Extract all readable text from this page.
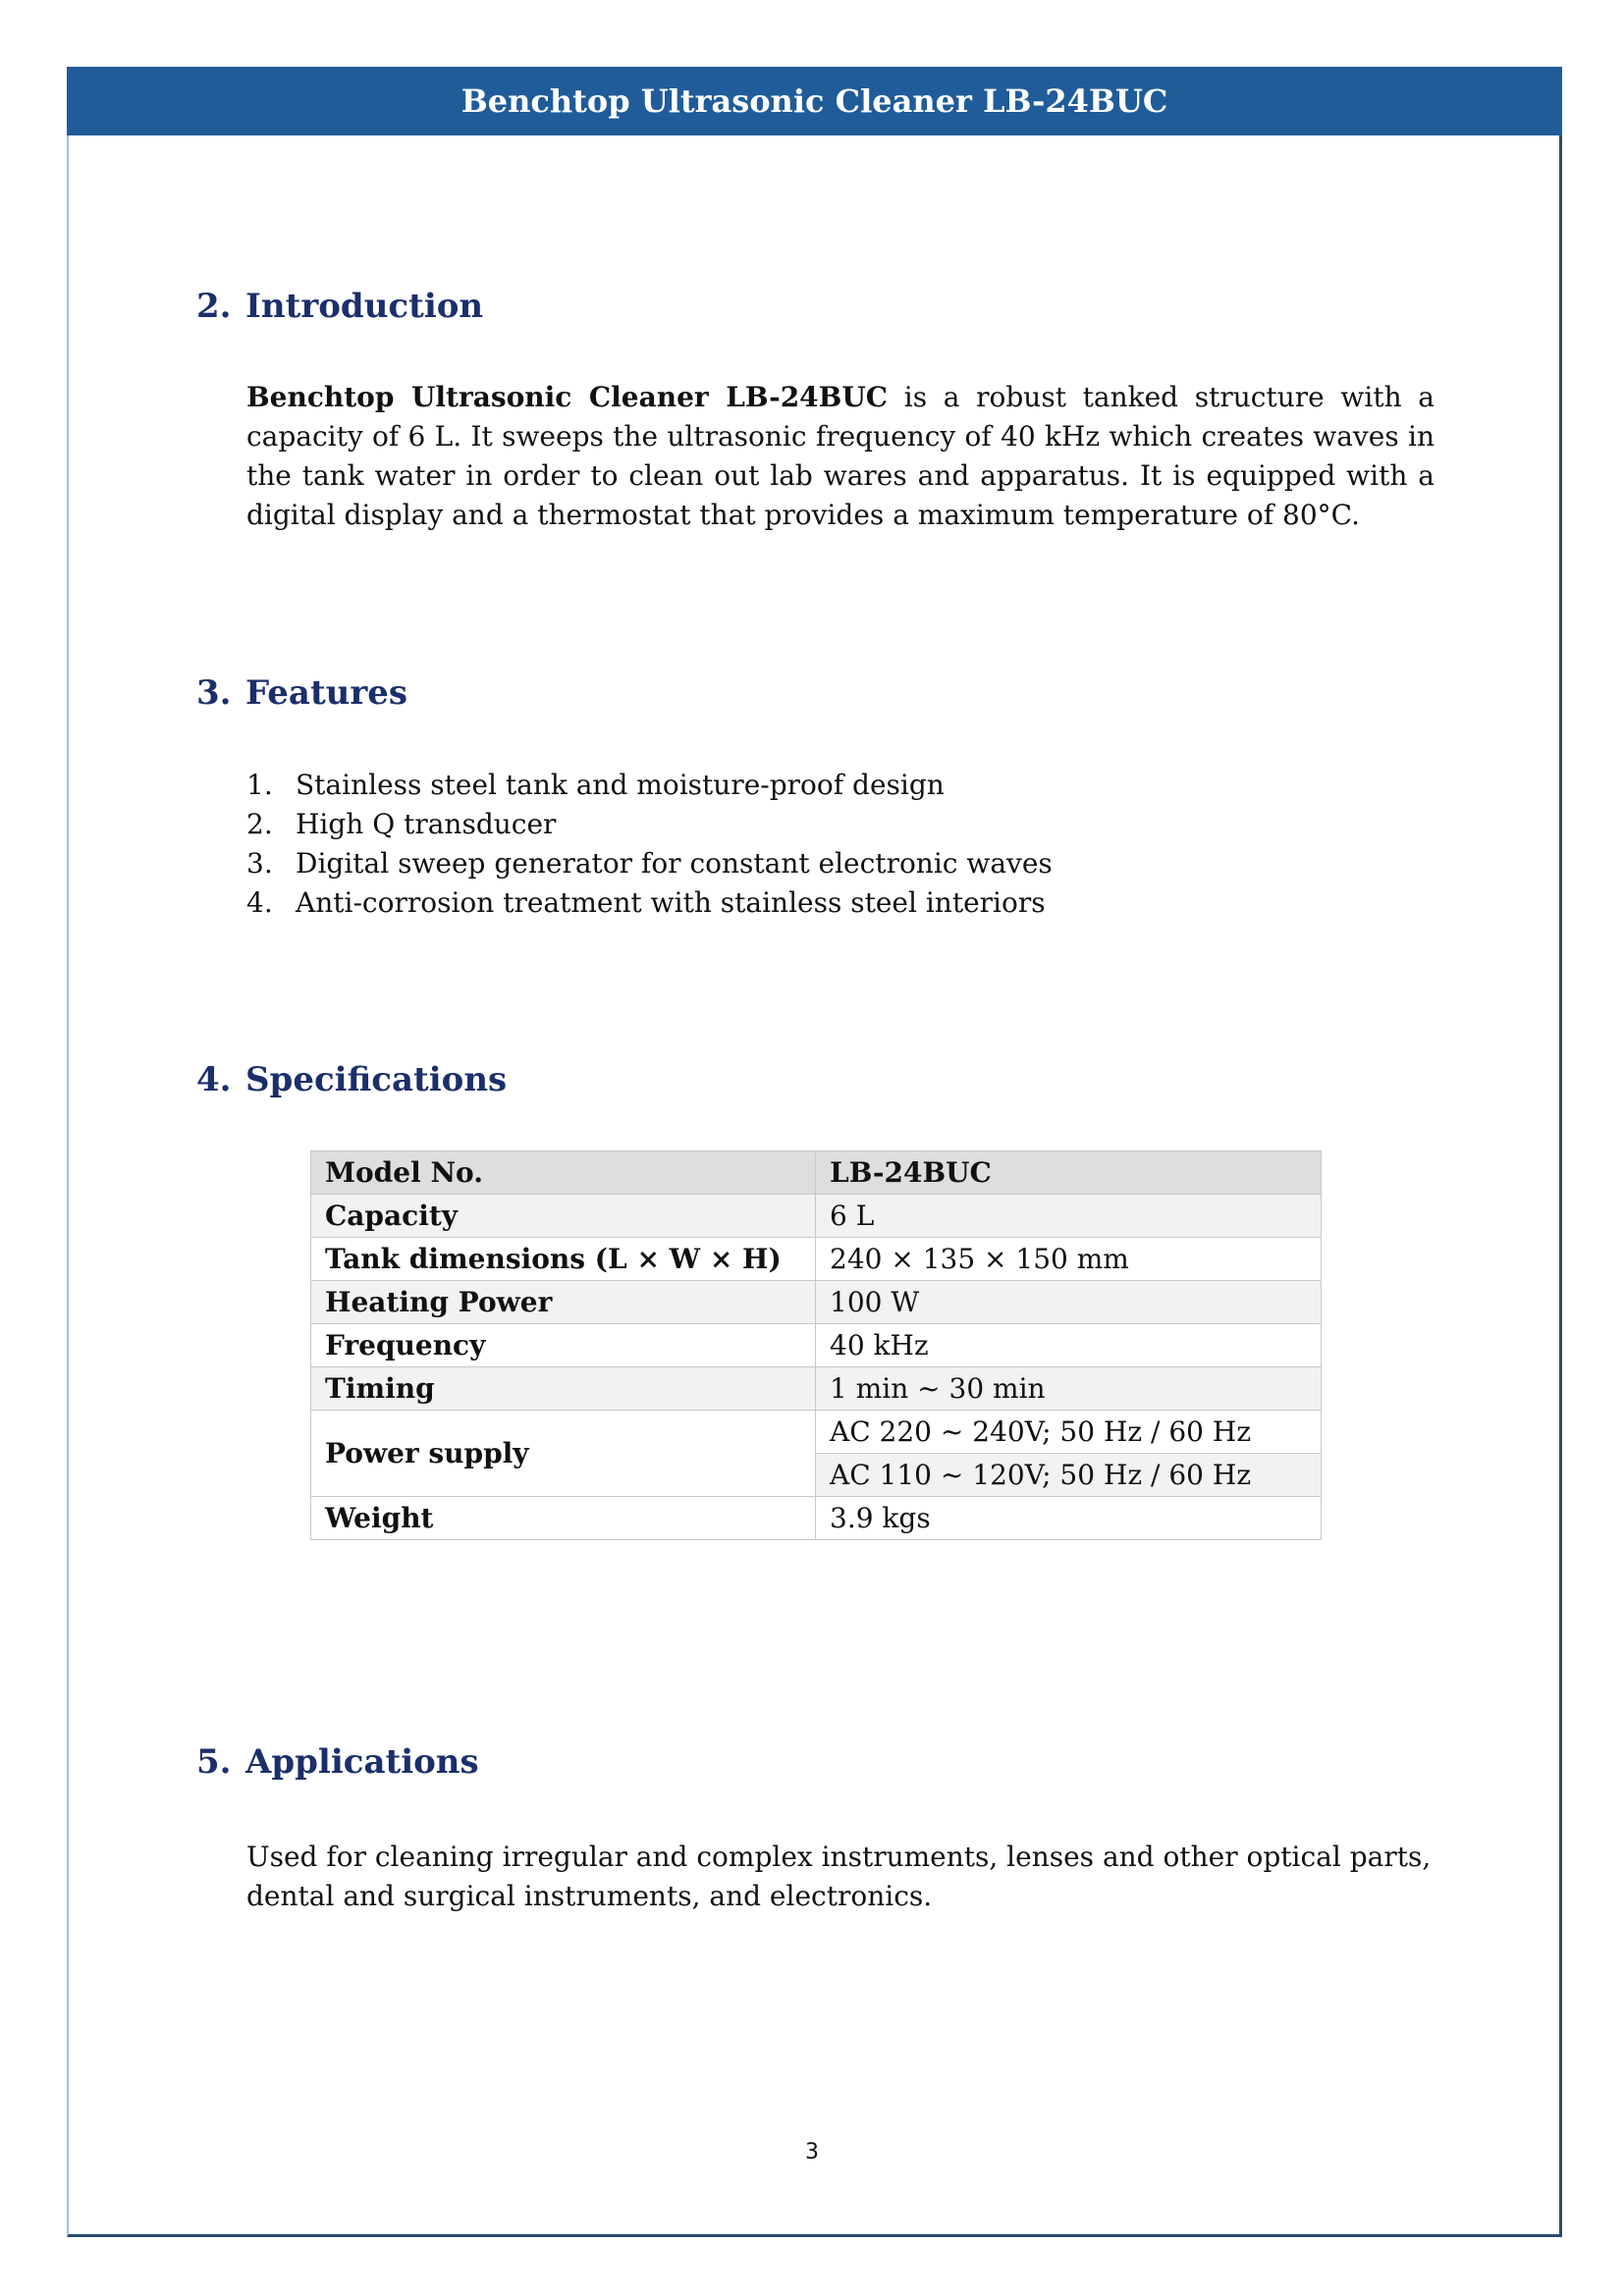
Benchtop Ultrasonic Cleaner LB-24BUC
2. Introduction
Benchtop Ultrasonic Cleaner LB-24BUC is a robust tanked structure with a capacity of 6 L. It sweeps the ultrasonic frequency of 40 kHz which creates waves in the tank water in order to clean out lab wares and apparatus. It is equipped with a digital display and a thermostat that provides a maximum temperature of 80°C.
3. Features
1. Stainless steel tank and moisture-proof design
2. High Q transducer
3. Digital sweep generator for constant electronic waves
4. Anti-corrosion treatment with stainless steel interiors
4. Specifications
Model No.	LB-24BUC
Capacity	6 L
Tank dimensions (L × W × H)	240 × 135 × 150 mm
Heating Power	100 W
Frequency	40 kHz
Timing	1 min ~ 30 min
Power supply	AC 220 ~ 240V; 50 Hz / 60 Hz
	AC 110 ~ 120V; 50 Hz / 60 Hz
Weight	3.9 kgs
5. Applications
Used for cleaning irregular and complex instruments, lenses and other optical parts, dental and surgical instruments, and electronics.
3
